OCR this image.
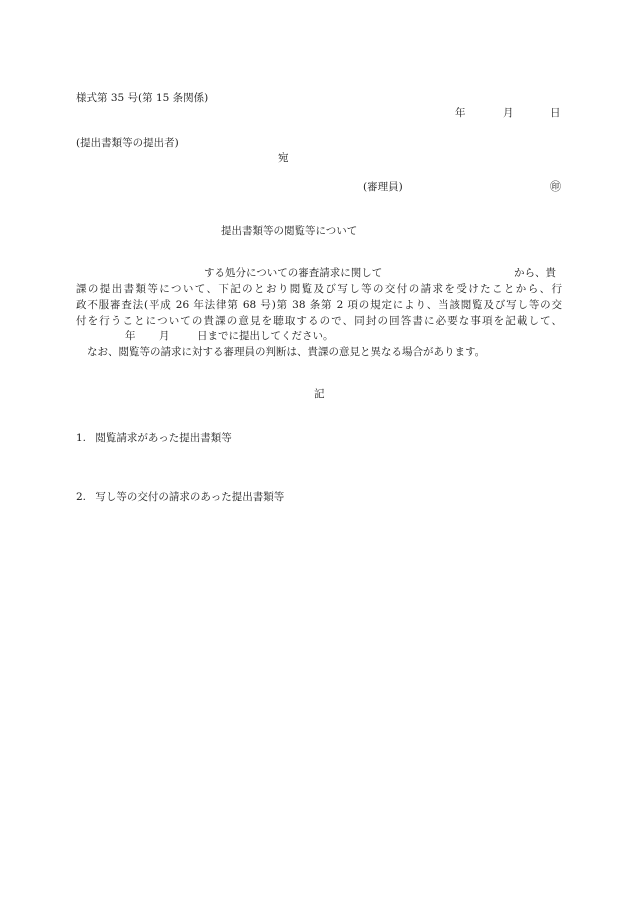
様式第 35 号(第 15 条関係)
年	月	日
(提出書類等の提出者)
宛
(審理員)	㊞
提出書類等の閲覧等について
する処分についての審査請求に関して	から、貴
課の提出書類等について、下記のとおり閲覧及び写し等の交付の請求を受けたことから、行
政不服審査法(平成 26 年法律第 68 号)第 38 条第 2 項の規定により、当該閲覧及び写し等の交
付を行うことについての貴課の意見を聴取するので、同封の回答書に必要な事項を記載して、
年 月	日までに提出してください。
なお、閲覧等の請求に対する審理員の判断は、貴課の意見と異なる場合があります。
記
1. 閲覧請求があった提出書類等
2. 写し等の交付の請求のあった提出書類等
